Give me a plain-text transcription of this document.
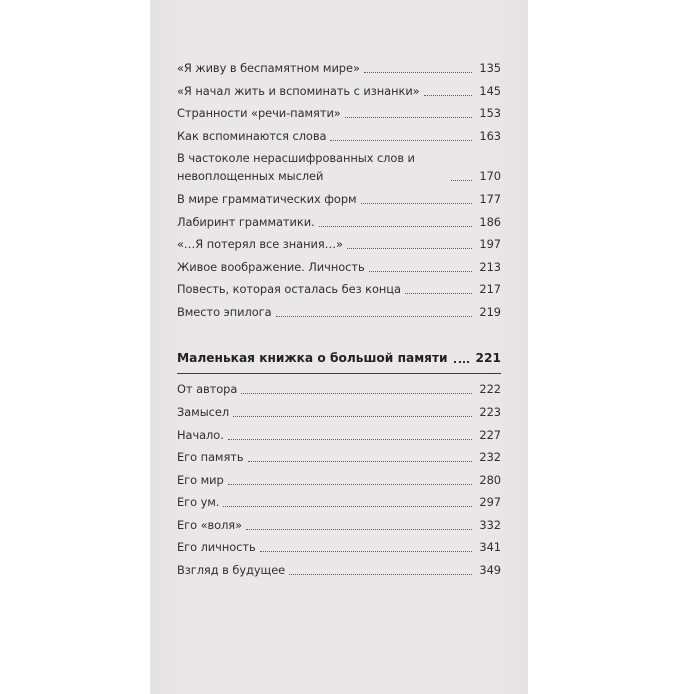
«Я живу в беспамятном мире»	135
«Я начал жить и вспоминать с изнанки»	145
Странности «речи-памяти»	153
Как вспоминаются слова	163
В частоколе нерасшифрованных слов и невоплощенных мыслей	170
В мире грамматических форм	177
Лабиринт грамматики.	186
«…Я потерял все знания…»	197
Живое воображение. Личность	213
Повесть, которая осталась без конца	217
Вместо эпилога	219
Маленькая книжка о большой памяти 221
От автора	222
Замысел	223
Начало.	227
Его память	232
Его мир	280
Его ум.	297
Его «воля»	332
Его личность	341
Взгляд в будущее	349
